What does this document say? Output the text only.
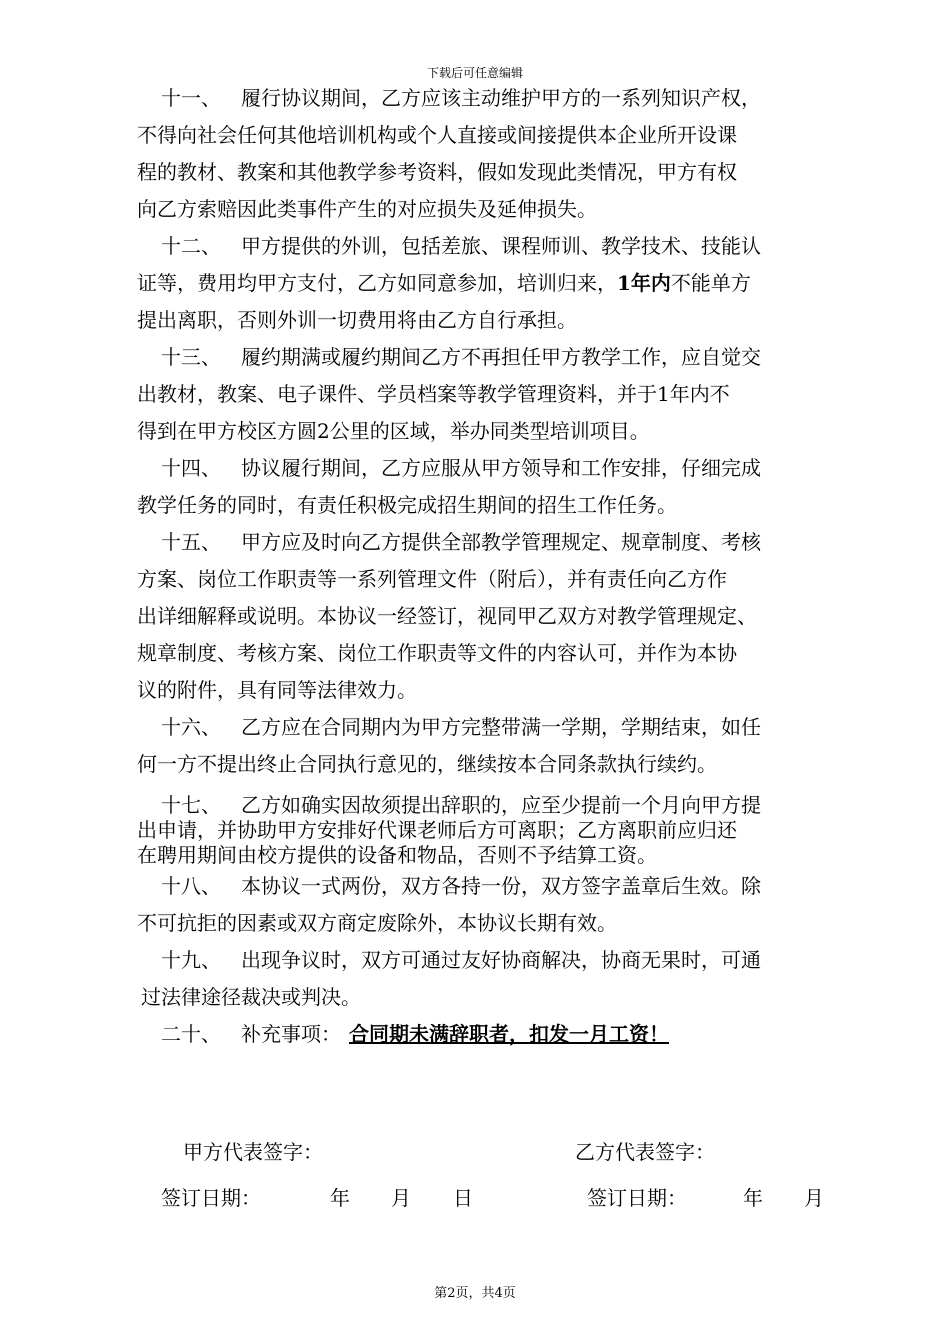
下载后可任意编辑
十一、 履行协议期间，乙方应该主动维护甲方的一系列知识产权，
不得向社会任何其他培训机构或个人直接或间接提供本企业所开设课
程的教材、教案和其他教学参考资料，假如发现此类情况，甲方有权
向乙方索赔因此类事件产生的对应损失及延伸损失。
十二、 甲方提供的外训，包括差旅、课程师训、教学技术、技能认
证等，费用均甲方支付，乙方如同意参加，培训归来，1年内不能单方
提出离职，否则外训一切费用将由乙方自行承担。
十三、 履约期满或履约期间乙方不再担任甲方教学工作，应自觉交
出教材，教案、电子课件、学员档案等教学管理资料，并于1年内不
得到在甲方校区方圆2公里的区域，举办同类型培训项目。
十四、 协议履行期间，乙方应服从甲方领导和工作安排，仔细完成
教学任务的同时，有责任积极完成招生期间的招生工作任务。
十五、 甲方应及时向乙方提供全部教学管理规定、规章制度、考核
方案、岗位工作职责等一系列管理文件（附后），并有责任向乙方作
出详细解释或说明。本协议一经签订，视同甲乙双方对教学管理规定、
规章制度、考核方案、岗位工作职责等文件的内容认可，并作为本协
议的附件，具有同等法律效力。
十六、 乙方应在合同期内为甲方完整带满一学期，学期结束，如任
何一方不提出终止合同执行意见的，继续按本合同条款执行续约。
十七、 乙方如确实因故须提出辞职的，应至少提前一个月向甲方提
出申请，并协助甲方安排好代课老师后方可离职；乙方离职前应归还
在聘用期间由校方提供的设备和物品，否则不予结算工资。
十八、 本协议一式两份，双方各持一份，双方签字盖章后生效。除
不可抗拒的因素或双方商定废除外，本协议长期有效。
十九、 出现争议时，双方可通过友好协商解决，协商无果时，可通
过法律途径裁决或判决。
二十、 补充事项： 合同期未满辞职者，扣发一月工资！
甲方代表签字：	乙方代表签字：
签订日期：	年 月 日	签订日期：	年 月
第2页，共4页
